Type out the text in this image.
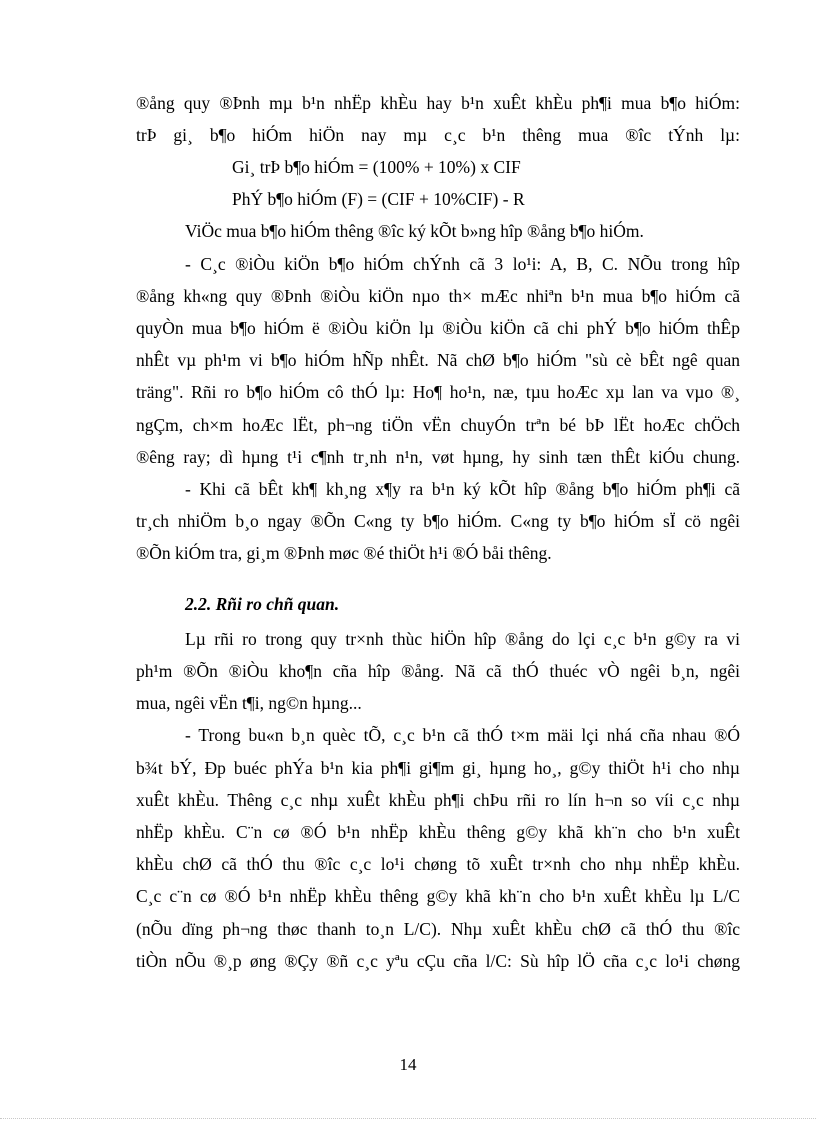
®ång quy ®Þnh mµ b¹n nhËp khÈu hay b¹n xuÊt khÈu ph¶i mua b¶o hiÓm:
trÞ gi¸ b¶o hiÓm hiÖn nay mµ c¸c b¹n thêng mua ®îc tÝnh lµ:
Gi¸ trÞ b¶o hiÓm = (100% + 10%) x CIF
PhÝ b¶o hiÓm (F) = (CIF + 10%CIF) - R
ViÖc mua b¶o hiÓm thêng ®îc ký kÕt b»ng hîp ®ång b¶o hiÓm.
- C¸c ®iÒu kiÖn b¶o hiÓm chÝnh cã 3 lo¹i: A, B, C. NÕu trong hîp
®ång kh«ng quy ®Þnh ®iÒu kiÖn nµo th× mÆc nhiªn b¹n mua b¶o hiÓm cã
quyÒn mua b¶o hiÓm ë ®iÒu kiÖn lµ ®iÒu kiÖn cã chi phÝ b¶o hiÓm thÊp
nhÊt vµ ph¹m vi b¶o hiÓm hÑp nhÊt. Nã chØ b¶o hiÓm "sù cè bÊt ngê quan
träng". Rñi ro b¶o hiÓm cô thÓ lµ: Ho¶ ho¹n, næ, tµu hoÆc xµ lan va vµo ®¸
ngÇm, ch×m hoÆc lËt, ph¬ng tiÖn vËn chuyÓn trªn bé bÞ lËt hoÆc chÖch
®êng ray; dì hµng t¹i c¶nh tr¸nh n¹n, vøt hµng, hy sinh tæn thÊt kiÓu chung.
- Khi cã bÊt kh¶ kh¸ng x¶y ra b¹n ký kÕt hîp ®ång b¶o hiÓm ph¶i cã
tr¸ch nhiÖm b¸o ngay ®Õn C«ng ty b¶o hiÓm. C«ng ty b¶o hiÓm sÏ cö ngêi
®Õn kiÓm tra, gi¸m ®Þnh møc ®é thiÖt h¹i ®Ó båi thêng.
2.2. Rñi ro chñ quan.
Lµ rñi ro trong quy tr×nh thùc hiÖn hîp ®ång do lçi c¸c b¹n g©y ra vi
ph¹m ®Õn ®iÒu kho¶n cña hîp ®ång. Nã cã thÓ thuéc vÒ ngêi b¸n, ngêi
mua, ngêi vËn t¶i, ng©n hµng...
- Trong bu«n b¸n quèc tÕ, c¸c b¹n cã thÓ t×m mäi lçi nhá cña nhau ®Ó
b¾t bÝ, Ðp buéc phÝa b¹n kia ph¶i gi¶m gi¸ hµng ho¸, g©y thiÖt h¹i cho nhµ
xuÊt khÈu. Thêng c¸c nhµ xuÊt khÈu ph¶i chÞu rñi ro lín h¬n so víi c¸c nhµ
nhËp khÈu. C¨n cø ®Ó b¹n nhËp khÈu thêng g©y khã kh¨n cho b¹n xuÊt
khÈu chØ cã thÓ thu ®îc c¸c lo¹i chøng tõ xuÊt tr×nh cho nhµ nhËp khÈu.
C¸c c¨n cø ®Ó b¹n nhËp khÈu thêng g©y khã kh¨n cho b¹n xuÊt khÈu lµ L/C
(nÕu dïng ph¬ng thøc thanh to¸n L/C). Nhµ xuÊt khÈu chØ cã thÓ thu ®îc
tiÒn nÕu ®¸p øng ®Çy ®ñ c¸c yªu cÇu cña l/C: Sù hîp lÖ cña c¸c lo¹i chøng
14
